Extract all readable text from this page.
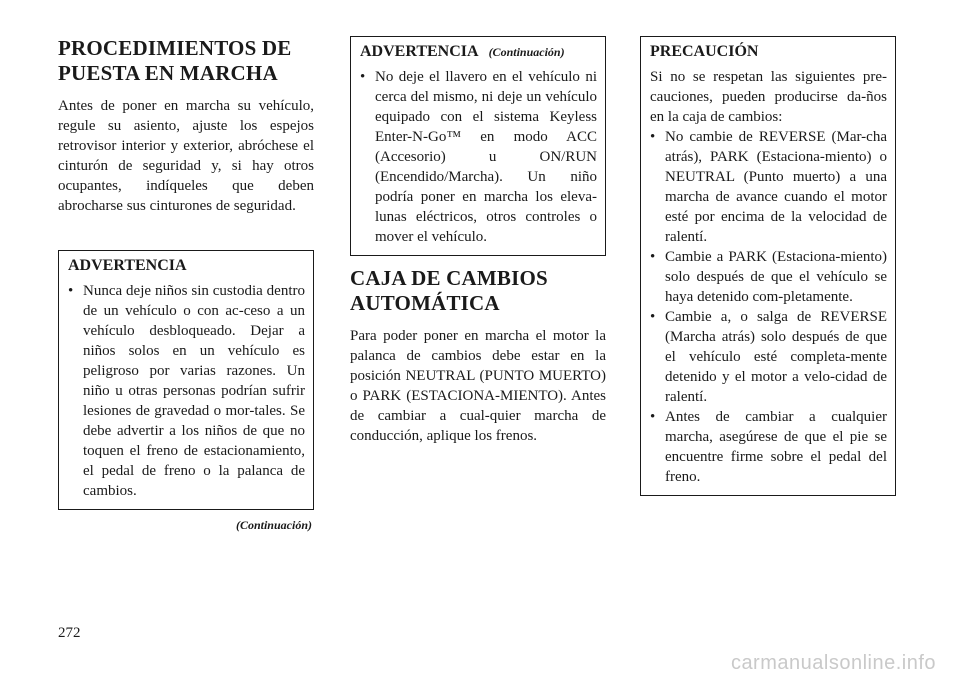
PROCEDIMIENTOS DE
PUESTA EN MARCHA

Antes de poner en marcha su vehículo, regule su asiento, ajuste los espejos retrovisor interior y exterior, abróchese el cinturón de seguridad y, si hay otros ocupantes, indíqueles que deben abrocharse sus cinturones de seguridad.

ADVERTENCIA
• Nunca deje niños sin custodia dentro de un vehículo o con ac-ceso a un vehículo desbloqueado. Dejar a niños solos en un vehículo es peligroso por varias razones. Un niño u otras personas podrían sufrir lesiones de gravedad o mor-tales. Se debe advertir a los niños de que no toquen el freno de estacionamiento, el pedal de freno o la palanca de cambios.
(Continuación)
ADVERTENCIA (Continuación)
• No deje el llavero en el vehículo ni cerca del mismo, ni deje un vehículo equipado con el sistema Keyless Enter-N-Go™ en modo ACC (Accesorio) u ON/RUN (Encendido/Marcha). Un niño podría poner en marcha los eleva-lunas eléctricos, otros controles o mover el vehículo.
CAJA DE CAMBIOS
AUTOMÁTICA

Para poder poner en marcha el motor la palanca de cambios debe estar en la posición NEUTRAL (PUNTO MUERTO) o PARK (ESTACIONA-MIENTO). Antes de cambiar a cual-quier marcha de conducción, aplique los frenos.

PRECAUCIÓN

Si no se respetan las siguientes pre-cauciones, pueden producirse da-ños en la caja de cambios:

• No cambie de REVERSE (Mar-cha atrás), PARK (Estaciona-miento) o NEUTRAL (Punto muerto) a una marcha de avance cuando el motor esté por encima de la velocidad de ralentí.
• Cambie a PARK (Estaciona-miento) solo después de que el vehículo se haya detenido com-pletamente.
• Cambie a, o salga de REVERSE (Marcha atrás) solo después de que el vehículo esté completa-mente detenido y el motor a velo-cidad de ralentí.
• Antes de cambiar a cualquier marcha, asegúrese de que el pie se encuentre firme sobre el pedal del freno.
272
carmanualsonline.info
